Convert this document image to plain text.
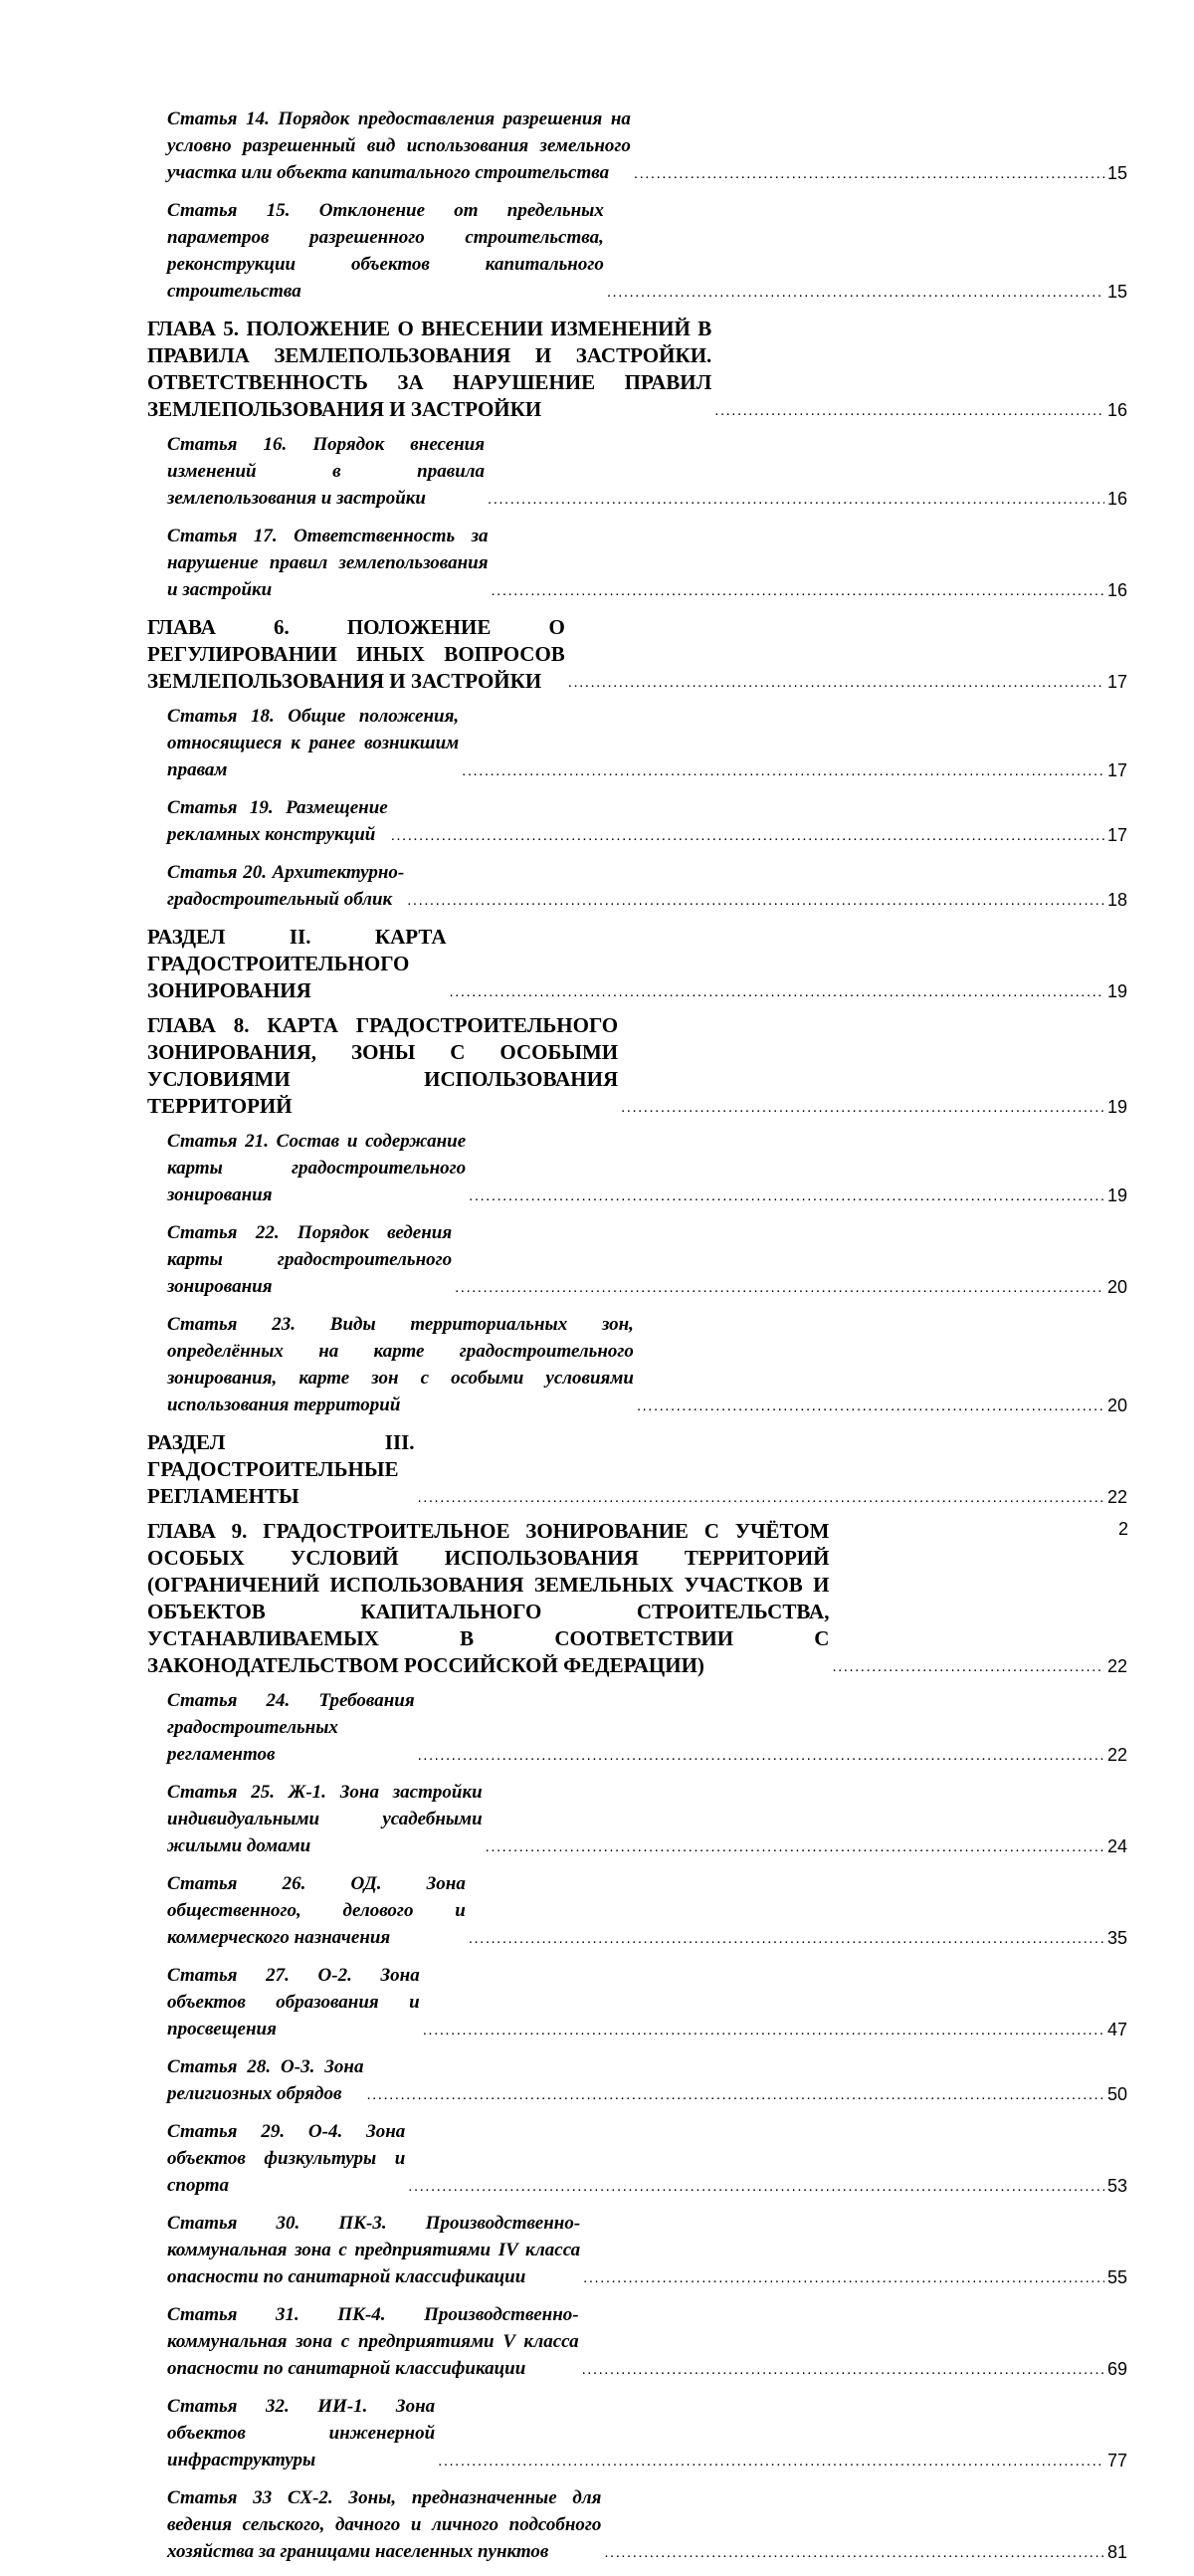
Статья 14. Порядок предоставления разрешения на условно разрешенный вид использования земельного участка или объекта капитального строительства .....	15
Статья 15. Отклонение от предельных параметров разрешенного строительства, реконструкции объектов капитального строительства .....	15
ГЛАВА 5. ПОЛОЖЕНИЕ О ВНЕСЕНИИ ИЗМЕНЕНИЙ В ПРАВИЛА ЗЕМЛЕПОЛЬЗОВАНИЯ И ЗАСТРОЙКИ. ОТВЕТСТВЕННОСТЬ ЗА НАРУШЕНИЕ ПРАВИЛ ЗЕМЛЕПОЛЬЗОВАНИЯ И ЗАСТРОЙКИ .....	16
Статья 16. Порядок внесения изменений в правила землепользования и застройки .....	16
Статья 17. Ответственность за нарушение правил землепользования и застройки .....	16
ГЛАВА 6. ПОЛОЖЕНИЕ О РЕГУЛИРОВАНИИ ИНЫХ ВОПРОСОВ ЗЕМЛЕПОЛЬЗОВАНИЯ И ЗАСТРОЙКИ .....	17
Статья 18. Общие положения, относящиеся к ранее возникшим правам .....	17
Статья 19. Размещение рекламных конструкций .....	17
Статья 20. Архитектурно-градостроительный облик .....	18
РАЗДЕЛ II. КАРТА ГРАДОСТРОИТЕЛЬНОГО ЗОНИРОВАНИЯ .....	19
ГЛАВА 8. КАРТА ГРАДОСТРОИТЕЛЬНОГО ЗОНИРОВАНИЯ, ЗОНЫ С ОСОБЫМИ УСЛОВИЯМИ ИСПОЛЬЗОВАНИЯ ТЕРРИТОРИЙ .....	19
Статья 21. Состав и содержание карты градостроительного зонирования .....	19
Статья 22. Порядок ведения карты градостроительного зонирования .....	20
Статья 23. Виды территориальных зон, определённых на карте градостроительного зонирования, карте зон с особыми условиями использования территорий .....	20
РАЗДЕЛ III. ГРАДОСТРОИТЕЛЬНЫЕ РЕГЛАМЕНТЫ .....	22
ГЛАВА 9. ГРАДОСТРОИТЕЛЬНОЕ ЗОНИРОВАНИЕ С УЧЁТОМ ОСОБЫХ УСЛОВИЙ ИСПОЛЬЗОВАНИЯ ТЕРРИТОРИЙ (ОГРАНИЧЕНИЙ ИСПОЛЬЗОВАНИЯ ЗЕМЕЛЬНЫХ УЧАСТКОВ И ОБЪЕКТОВ КАПИТАЛЬНОГО СТРОИТЕЛЬСТВА, УСТАНАВЛИВАЕМЫХ В СООТВЕТСТВИИ С ЗАКОНОДАТЕЛЬСТВОМ РОССИЙСКОЙ ФЕДЕРАЦИИ) .....	22
Статья 24. Требования градостроительных регламентов .....	22
Статья 25. Ж-1. Зона застройки индивидуальными усадебными жилыми домами .....	24
Статья 26. ОД. Зона общественного, делового и коммерческого назначения .....	35
Статья 27. О-2. Зона объектов образования и просвещения .....	47
Статья 28. О-3. Зона религиозных обрядов .....	50
Статья 29. О-4. Зона объектов физкультуры и спорта .....	53
Статья 30. ПК-3. Производственно-коммунальная зона с предприятиями IV класса опасности по санитарной классификации .....	55
Статья 31. ПК-4. Производственно-коммунальная зона с предприятиями V класса опасности по санитарной классификации .....	69
Статья 32. ИИ-1. Зона объектов инженерной инфраструктуры .....	77
Статья 33 СХ-2. Зоны, предназначенные для ведения сельского, дачного и личного подсобного хозяйства за границами населенных пунктов .....	81
2
